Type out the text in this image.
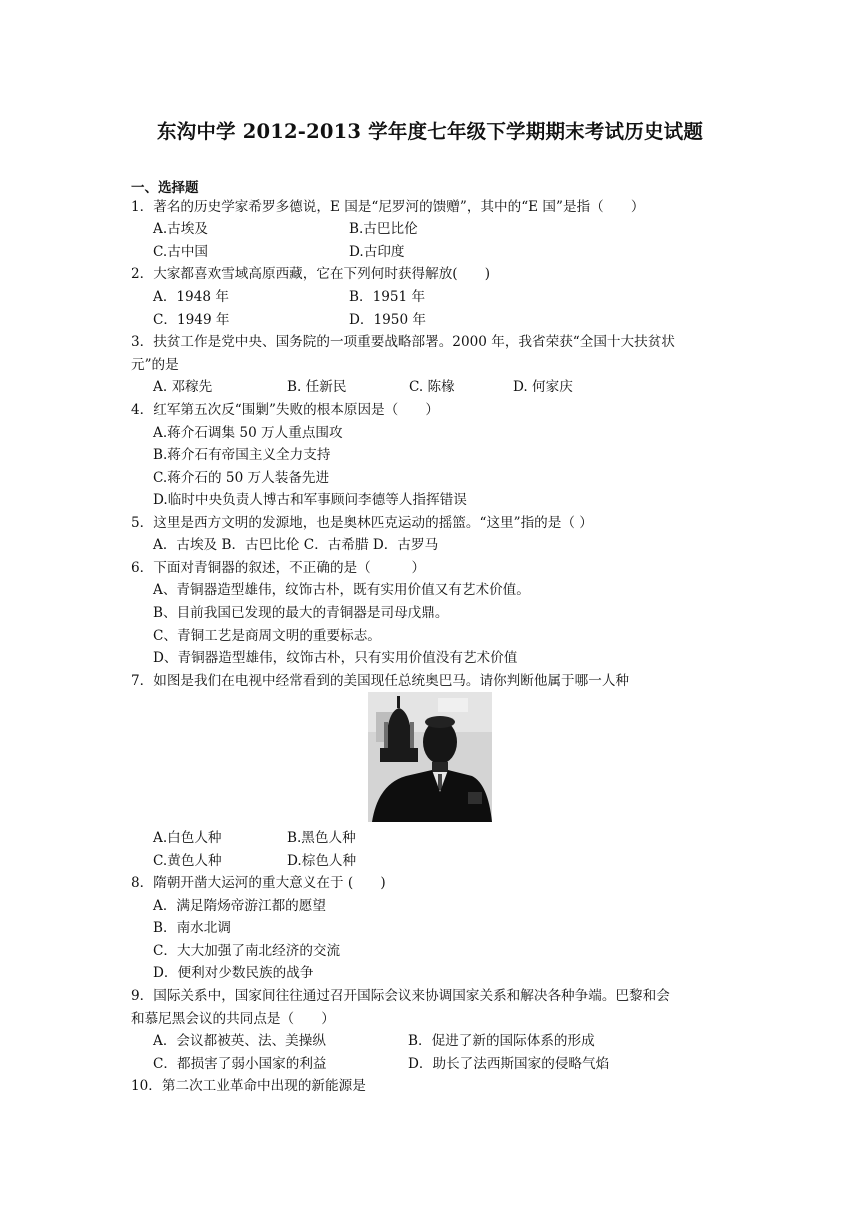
东沟中学 2012-2013 学年度七年级下学期期末考试历史试题
一、选择题
1．著名的历史学家希罗多德说，E 国是“尼罗河的馈赠”，其中的“E 国”是指（　　）
A.古埃及	B.古巴比伦
C.古中国	D.古印度
2．大家都喜欢雪域高原西藏，它在下列何时获得解放(　　)
A．1948 年	B．1951 年
C．1949 年	D．1950 年
3．扶贫工作是党中央、国务院的一项重要战略部署。2000 年，我省荣获“全国十大扶贫状
元”的是
A. 邓稼先	B. 任新民	C. 陈椽	D. 何家庆
4．红军第五次反“围剿”失败的根本原因是（　　）
A.蒋介石调集 50 万人重点围攻
B.蒋介石有帝国主义全力支持
C.蒋介石的 50 万人装备先进
D.临时中央负责人博古和军事顾问李德等人指挥错误
5．这里是西方文明的发源地，也是奥林匹克运动的摇篮。“这里”指的是（ ）
A．古埃及 B．古巴比伦 C．古希腊 D．古罗马
6．下面对青铜器的叙述，不正确的是（　　　）
A、青铜器造型雄伟，纹饰古朴，既有实用价值又有艺术价值。
B、目前我国已发现的最大的青铜器是司母戊鼎。
C、青铜工艺是商周文明的重要标志。
D、青铜器造型雄伟，纹饰古朴，只有实用价值没有艺术价值
7．如图是我们在电视中经常看到的美国现任总统奥巴马。请你判断他属于哪一人种
A.白色人种	B.黑色人种
C.黄色人种	D.棕色人种
8．隋朝开凿大运河的重大意义在于 (　　)
A．满足隋炀帝游江都的愿望
B．南水北调
C．大大加强了南北经济的交流
D．便利对少数民族的战争
9．国际关系中，国家间往往通过召开国际会议来协调国家关系和解决各种争端。巴黎和会
和慕尼黑会议的共同点是（　　）
A．会议都被英、法、美操纵	B．促进了新的国际体系的形成
C．都损害了弱小国家的利益	D．助长了法西斯国家的侵略气焰
10．第二次工业革命中出现的新能源是
